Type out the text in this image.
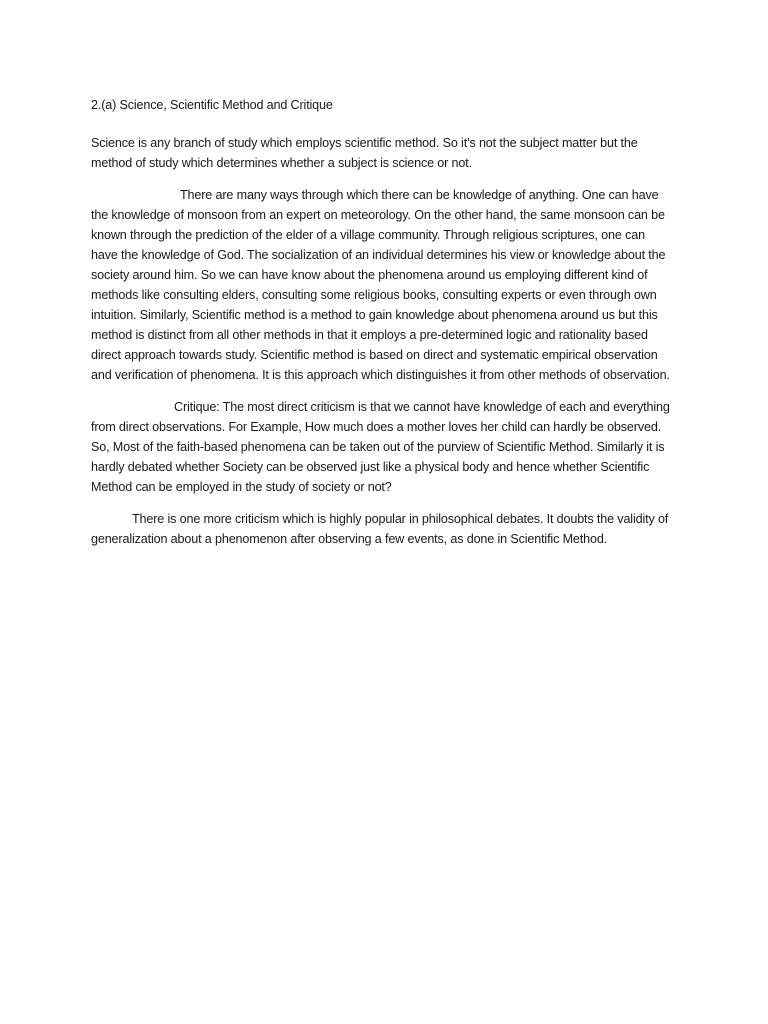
2.(a) Science, Scientific Method and Critique

Science is any branch of study which employs scientific method. So it’s not the subject matter but the method of study which determines whether a subject is science or not.

There are many ways through which there can be knowledge of anything. One can have the knowledge of monsoon from an expert on meteorology. On the other hand, the same monsoon can be known through the prediction of the elder of a village community. Through religious scriptures, one can have the knowledge of God. The socialization of an individual determines his view or knowledge about the society around him. So we can have know about the phenomena around us employing different kind of methods like consulting elders, consulting some religious books, consulting experts or even through own intuition. Similarly, Scientific method is a method to gain knowledge about phenomena around us but this method is distinct from all other methods in that it employs a pre-determined logic and rationality based direct approach towards study. Scientific method is based on direct and systematic empirical observation and verification of phenomena. It is this approach which distinguishes it from other methods of observation.

Critique: The most direct criticism is that we cannot have knowledge of each and everything from direct observations. For Example, How much does a mother loves her child can hardly be observed. So, Most of the faith-based phenomena can be taken out of the purview of Scientific Method. Similarly it is hardly debated whether Society can be observed just like a physical body and hence whether Scientific Method can be employed in the study of society or not?

There is one more criticism which is highly popular in philosophical debates. It doubts the validity of generalization about a phenomenon after observing a few events, as done in Scientific Method.
